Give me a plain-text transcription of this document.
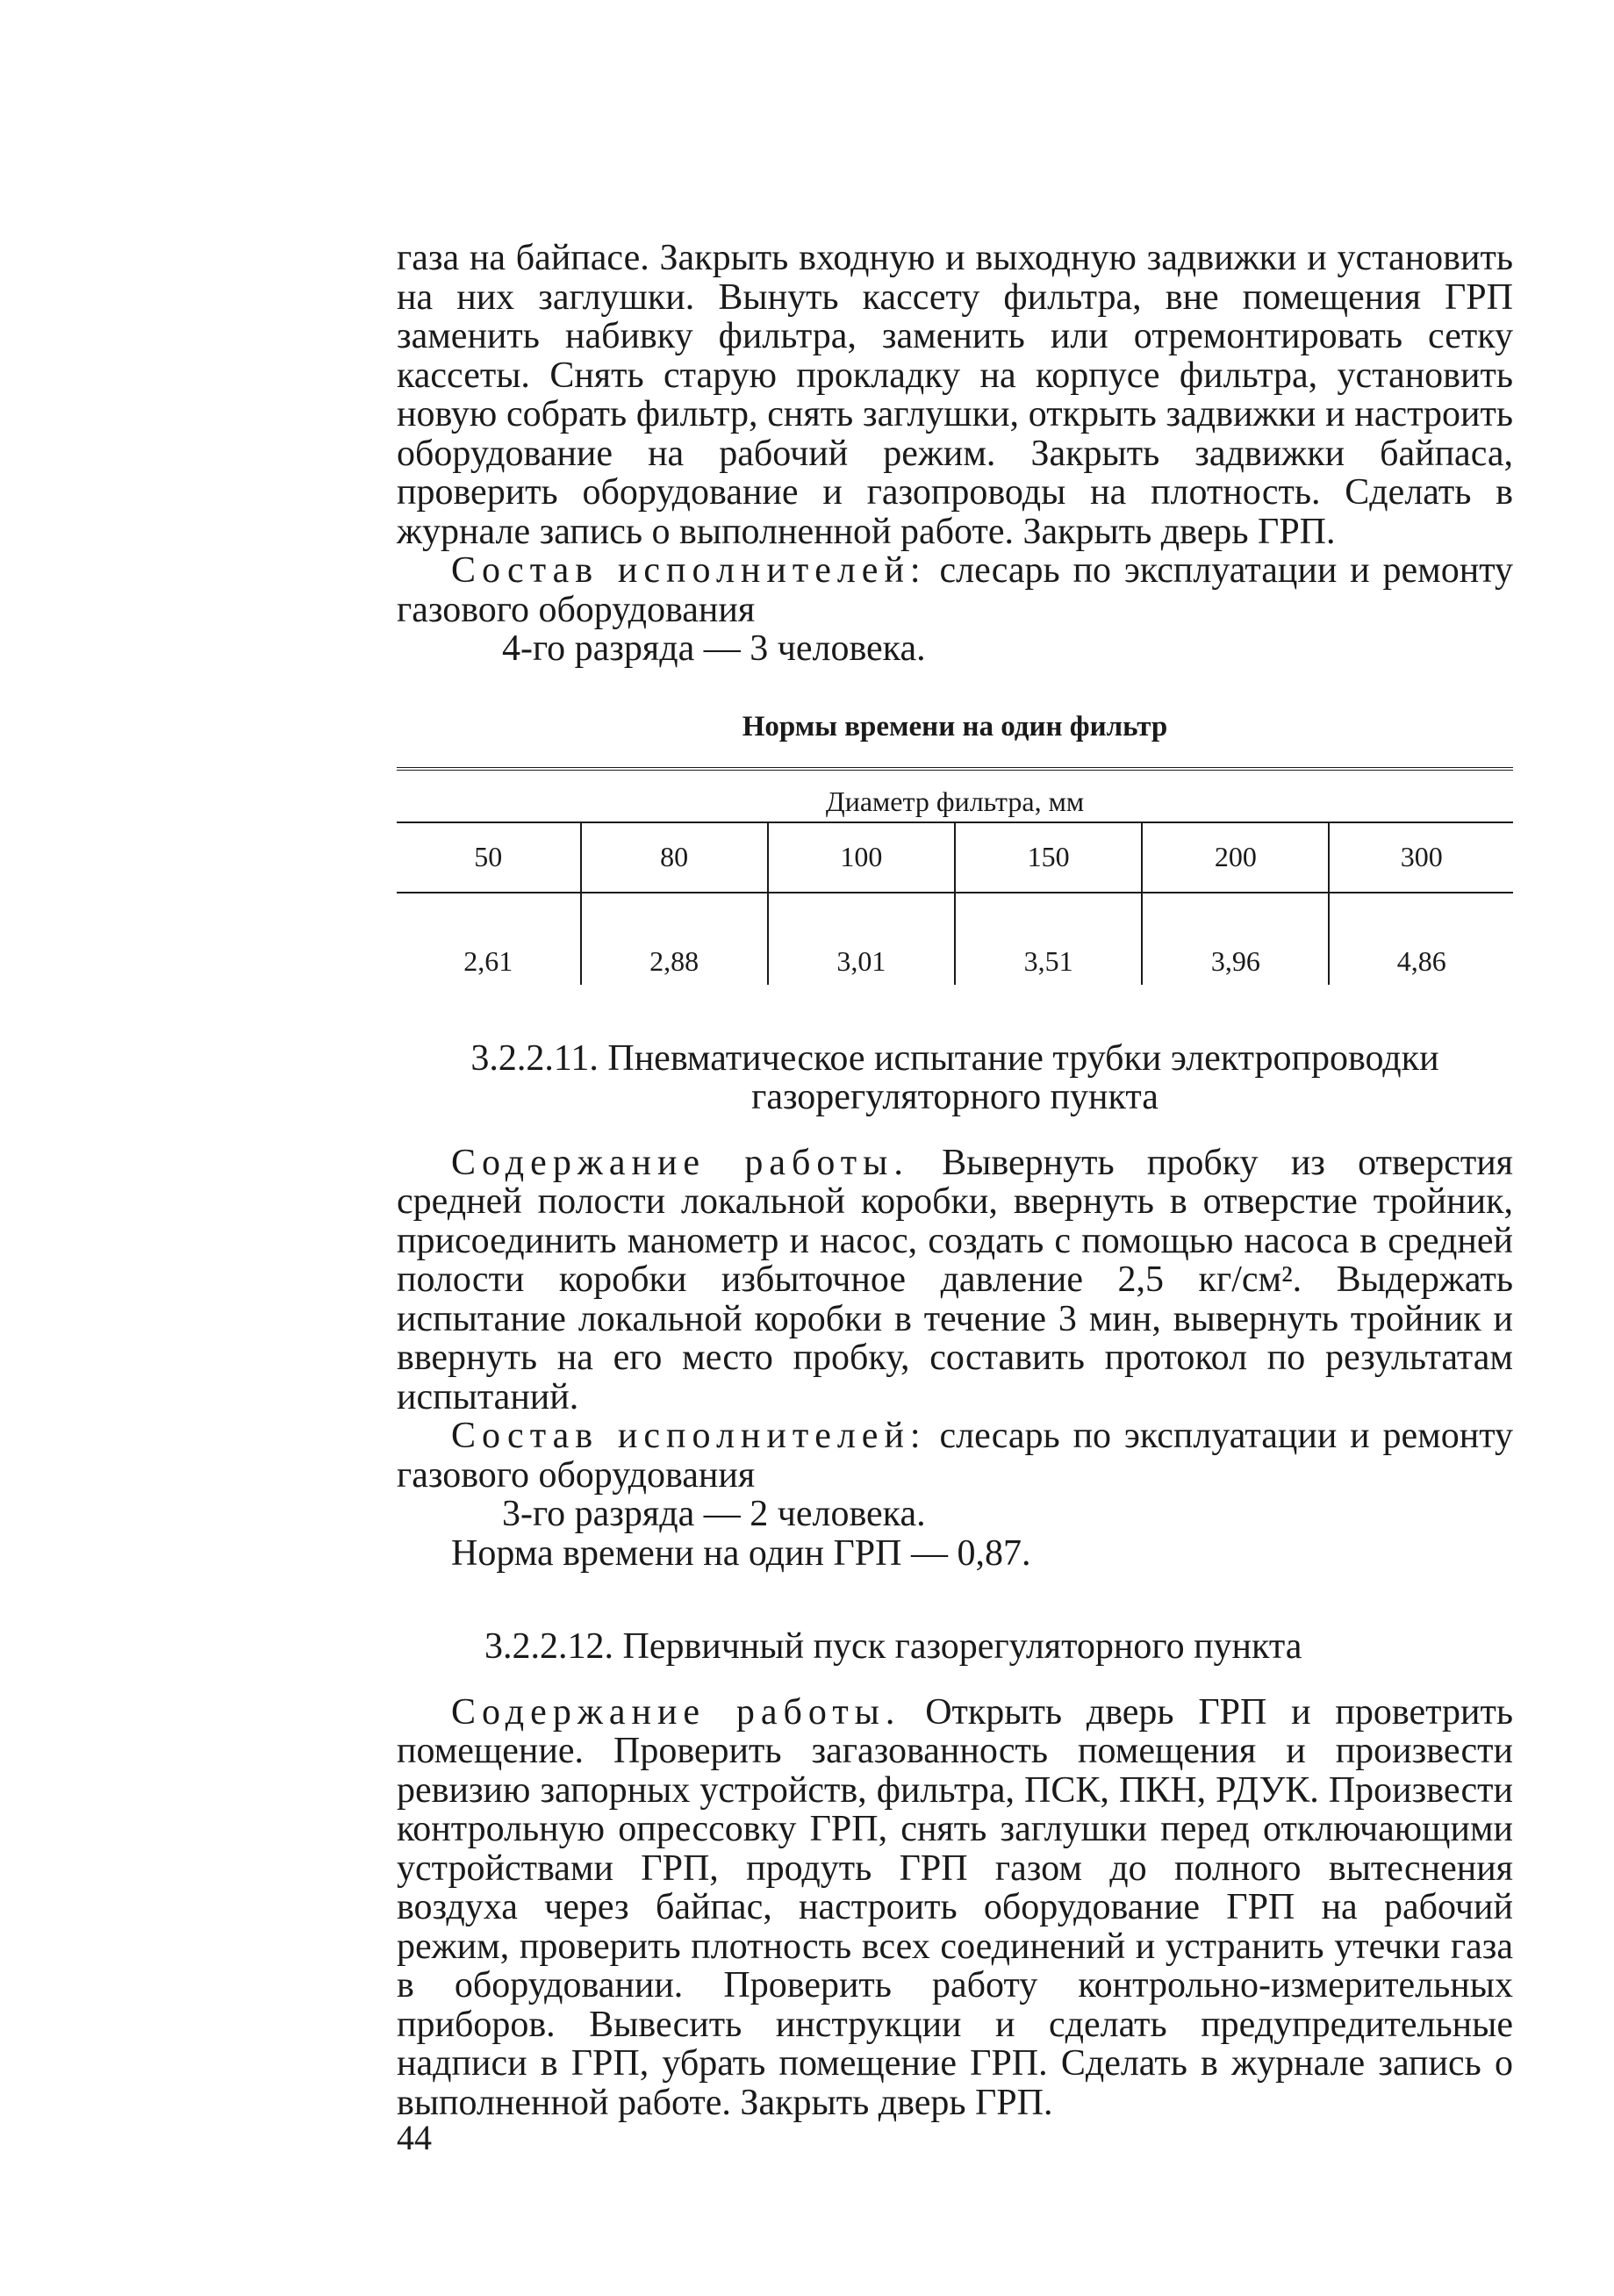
газа на байпасе. Закрыть входную и выходную задвижки и установить на них заглушки. Вынуть кассету фильтра, вне помещения ГРП заменить набивку фильтра, заменить или отремонтировать сетку кассеты. Снять старую прокладку на корпусе фильтра, установить новую собрать фильтр, снять заглушки, открыть задвижки и настроить оборудование на рабочий режим. Закрыть задвижки байпаса, проверить оборудование и газопроводы на плотность. Сделать в журнале запись о выполненной работе. Закрыть дверь ГРП.

Состав исполнителей: слесарь по эксплуатации и ремонту газового оборудования

4-го разряда — 3 человека.

Нормы времени на один фильтр
Диаметр фильтра, мм					
50	80	100	150	200	300
2,61	2,88	3,01	3,51	3,96	4,86
3.2.2.11. Пневматическое испытание трубки электропроводки газорегуляторного пункта

Содержание работы. Вывернуть пробку из отверстия средней полости локальной коробки, ввернуть в отверстие тройник, присоединить манометр и насос, создать с помощью насоса в средней полости коробки избыточное давление 2,5 кг/см². Выдержать испытание локальной коробки в течение 3 мин, вывернуть тройник и ввернуть на его место пробку, составить протокол по результатам испытаний.

Состав исполнителей: слесарь по эксплуатации и ремонту газового оборудования

3-го разряда — 2 человека.

Норма времени на один ГРП — 0,87.

3.2.2.12. Первичный пуск газорегуляторного пункта

Содержание работы. Открыть дверь ГРП и проветрить помещение. Проверить загазованность помещения и произвести ревизию запорных устройств, фильтра, ПСК, ПКН, РДУК. Произвести контрольную опрессовку ГРП, снять заглушки перед отключающими устройствами ГРП, продуть ГРП газом до полного вытеснения воздуха через байпас, настроить оборудование ГРП на рабочий режим, проверить плотность всех соединений и устранить утечки газа в оборудовании. Проверить работу контрольно-измерительных приборов. Вывесить инструкции и сделать предупредительные надписи в ГРП, убрать помещение ГРП. Сделать в журнале запись о выполненной работе. Закрыть дверь ГРП.

44
